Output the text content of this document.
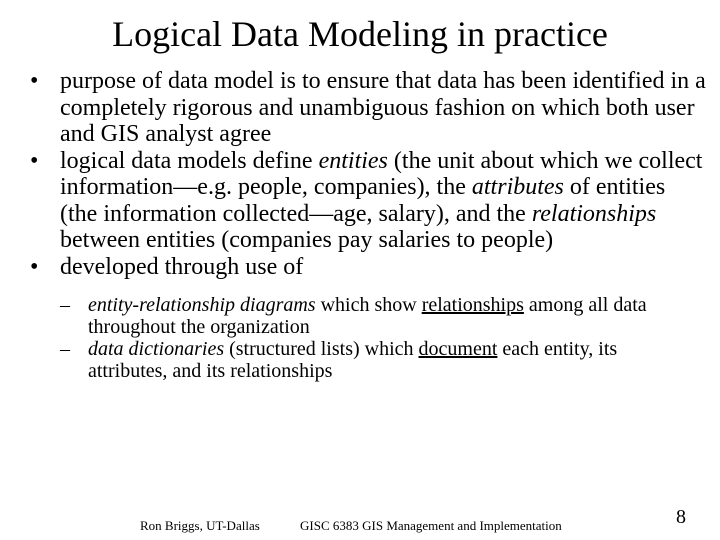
Logical Data Modeling in practice
• purpose of data model is to ensure that data has been identified in a completely rigorous and unambiguous fashion on which both user and GIS analyst agree
• logical data models define entities (the unit about which we collect information—e.g. people, companies), the attributes of entities (the information collected—age, salary), and the relationships between entities (companies pay salaries to people)
• developed through use of
– entity-relationship diagrams which show relationships among all data throughout the organization
– data dictionaries (structured lists) which document each entity, its attributes, and its relationships
Ron Briggs, UT-Dallas	GISC 6383 GIS Management and Implementation	8
